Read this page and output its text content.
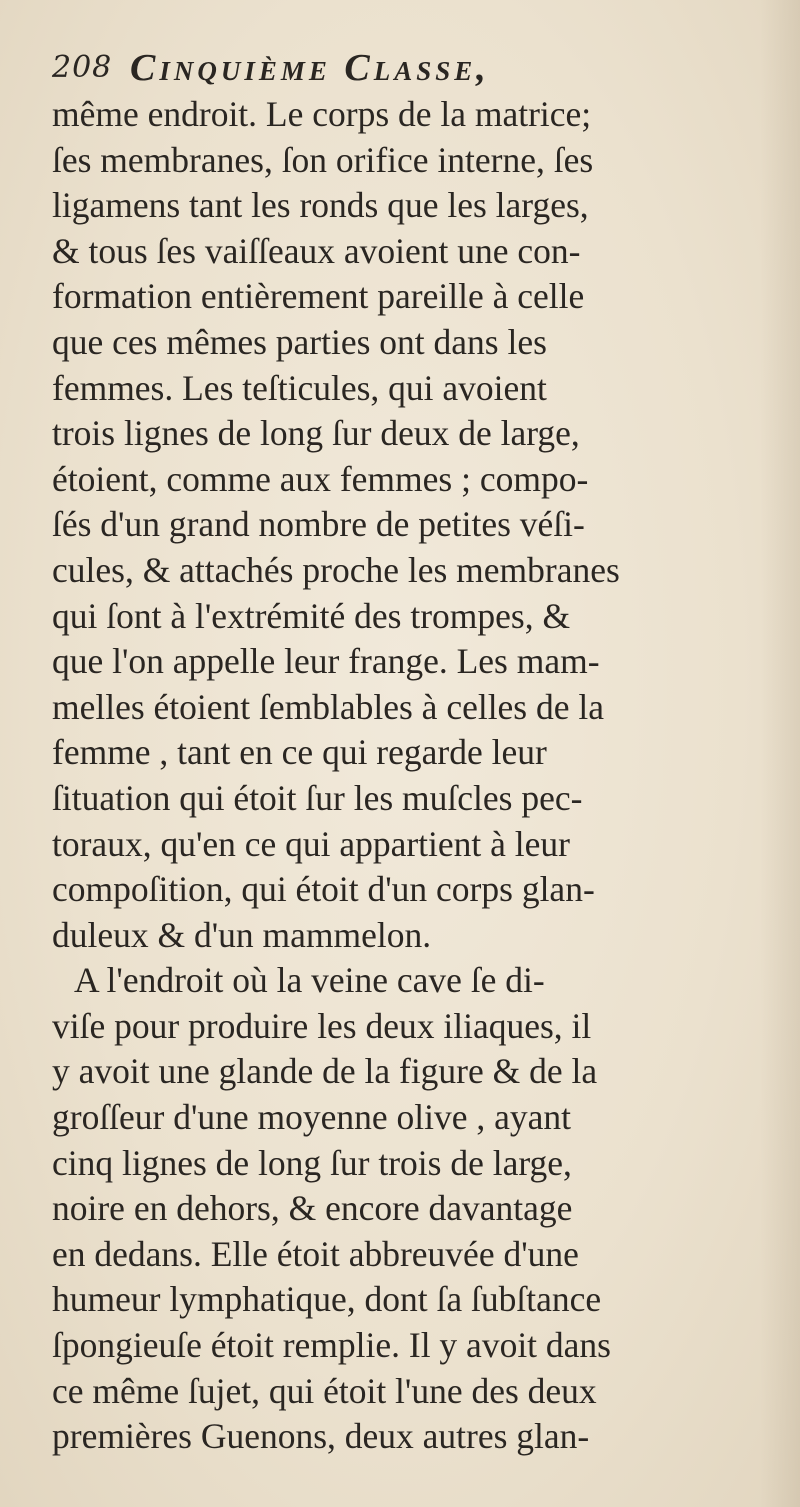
208 Cinquième Classe,
même endroit. Le corps de la matrice;
ſes membranes, ſon orifice interne, ſes
ligamens tant les ronds que les larges,
& tous ſes vaiſſeaux avoient une con-
formation entièrement pareille à celle
que ces mêmes parties ont dans les
femmes. Les teſticules, qui avoient
trois lignes de long ſur deux de large,
étoient, comme aux femmes ; compo-
ſés d'un grand nombre de petites véſi-
cules, & attachés proche les membranes
qui ſont à l'extrémité des trompes, &
que l'on appelle leur frange. Les mam-
melles étoient ſemblables à celles de la
femme , tant en ce qui regarde leur
ſituation qui étoit ſur les muſcles pec-
toraux, qu'en ce qui appartient à leur
compoſition, qui étoit d'un corps glan-
duleux & d'un mammelon.
A l'endroit où la veine cave ſe di-
viſe pour produire les deux iliaques, il
y avoit une glande de la figure & de la
groſſeur d'une moyenne olive , ayant
cinq lignes de long ſur trois de large,
noire en dehors, & encore davantage
en dedans. Elle étoit abbreuvée d'une
humeur lymphatique, dont ſa ſubſtance
ſpongieuſe étoit remplie. Il y avoit dans
ce même ſujet, qui étoit l'une des deux
premières Guenons, deux autres glan-
